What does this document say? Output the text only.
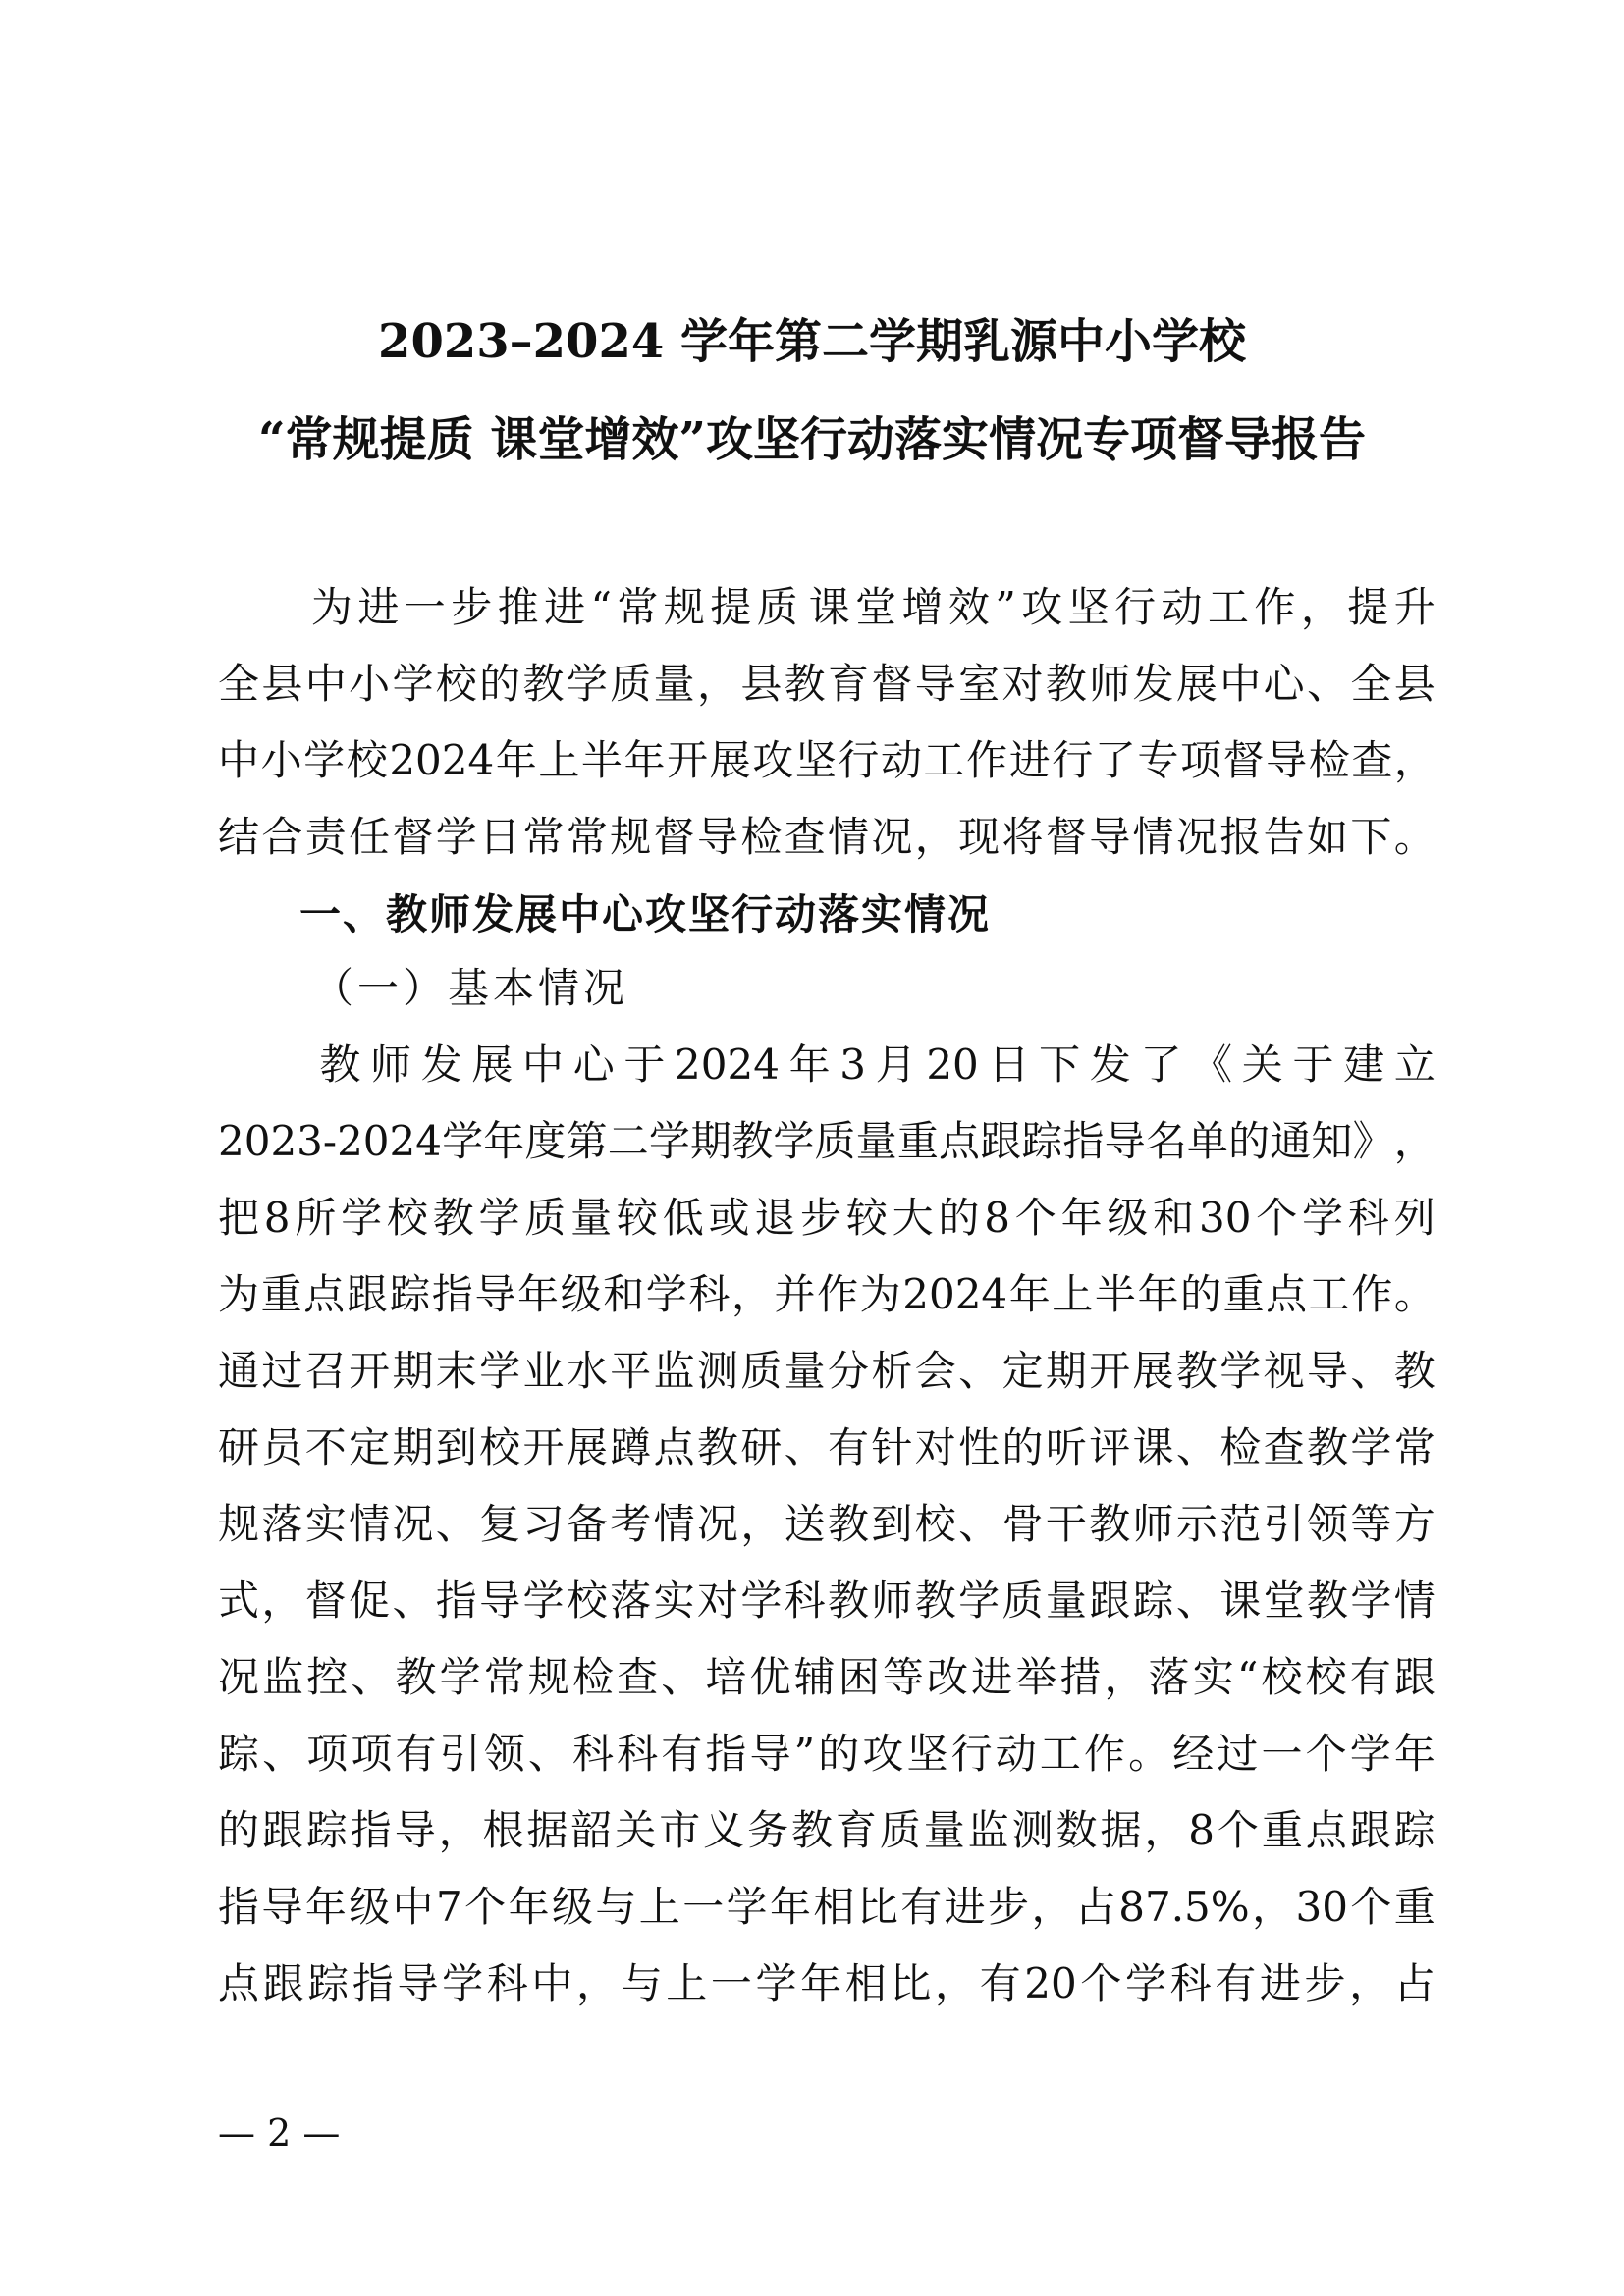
2023–2024 学年第二学期乳源中小学校
“常规提质 课堂增效”攻坚行动落实情况专项督导报告

为 进 一 步 推 进 “ 常 规 提 质 课 堂 增 效 ” 攻 坚 行 动 工 作 ， 提 升
全 县 中 小 学 校 的 教 学 质 量 ， 县 教 育 督 导 室 对 教 师 发 展 中 心 、 全 县
中 小 学 校 2024 年 上 半 年 开 展 攻 坚 行 动 工 作 进 行 了 专 项 督 导 检 查 ，
结 合 责 任 督 学 日 常 常 规 督 导 检 查 情 况 ， 现 将 督 导 情 况 报 告 如 下 。
一、教师发展中心攻坚行动落实情况
（一）基本情况

教 师 发 展 中 心 于 2024 年 3 月 20 日 下 发 了 《 关 于 建 立
2023-2024 学 年 度 第 二 学 期 教 学 质 量 重 点 跟 踪 指 导 名 单 的 通 知 》 ，
把 8 所 学 校 教 学 质 量 较 低 或 退 步 较 大 的 8 个 年 级 和 30 个 学 科 列
为 重 点 跟 踪 指 导 年 级 和 学 科 ， 并 作 为 2024 年 上 半 年 的 重 点 工 作 。
通 过 召 开 期 末 学 业 水 平 监 测 质 量 分 析 会 、 定 期 开 展 教 学 视 导 、 教
研 员 不 定 期 到 校 开 展 蹲 点 教 研 、 有 针 对 性 的 听 评 课 、 检 查 教 学 常
规 落 实 情 况 、 复 习 备 考 情 况 ， 送 教 到 校 、 骨 干 教 师 示 范 引 领 等 方
式 ， 督 促 、 指 导 学 校 落 实 对 学 科 教 师 教 学 质 量 跟 踪 、 课 堂 教 学 情
况 监 控 、 教 学 常 规 检 查 、 培 优 辅 困 等 改 进 举 措 ， 落 实 “ 校 校 有 跟
踪 、 项 项 有 引 领 、 科 科 有 指 导 ” 的 攻 坚 行 动 工 作 。 经 过 一 个 学 年
的 跟 踪 指 导 ， 根 据 韶 关 市 义 务 教 育 质 量 监 测 数 据 ， 8 个 重 点 跟 踪
指 导 年 级 中 7 个 年 级 与 上 一 学 年 相 比 有 进 步 ， 占 87.5% ， 30 个 重
点 跟 踪 指 导 学 科 中 ， 与 上 一 学 年 相 比 ， 有 20 个 学 科 有 进 步 ， 占
— 2 —
